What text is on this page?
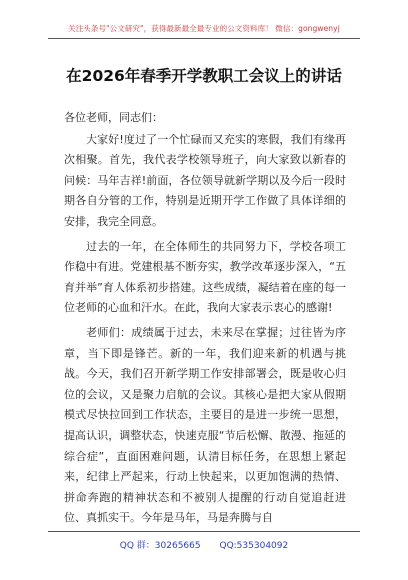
关注头条号"公文研究"，获得最新最全最专业的公文资料库！ 微信：gongwenyj
在2026年春季开学教职工会议上的讲话

各位老师，同志们：

大家好!度过了一个忙碌而又充实的寒假，我们有缘再次相聚。首先，我代表学校领导班子，向大家致以新春的问候：马年吉祥!前面，各位领导就新学期以及今后一段时期各自分管的工作，特别是近期开学工作做了具体详细的安排，我完全同意。

过去的一年，在全体师生的共同努力下，学校各项工作稳中有进。党建根基不断夯实，教学改革逐步深入，“五育并举”育人体系初步搭建。这些成绩，凝结着在座的每一位老师的心血和汗水。在此，我向大家表示衷心的感谢!

老师们：成绩属于过去，未来尽在掌握；过往皆为序章，当下即是锋芒。新的一年，我们迎来新的机遇与挑战。今天，我们召开新学期工作安排部署会，既是收心归位的会议，又是聚力启航的会议。其核心是把大家从假期模式尽快拉回到工作状态，主要目的是进一步统一思想，提高认识，调整状态，快速克服“节后松懈、散漫、拖延的综合症”，直面困难问题，认清目标任务，在思想上紧起来，纪律上严起来，行动上快起来，以更加饱满的热情、拼命奔跑的精神状态和不被别人提醒的行动自觉追赶进位、真抓实干。今年是马年，马是奔腾与自

QQ 群：30265665 QQ:535304092
